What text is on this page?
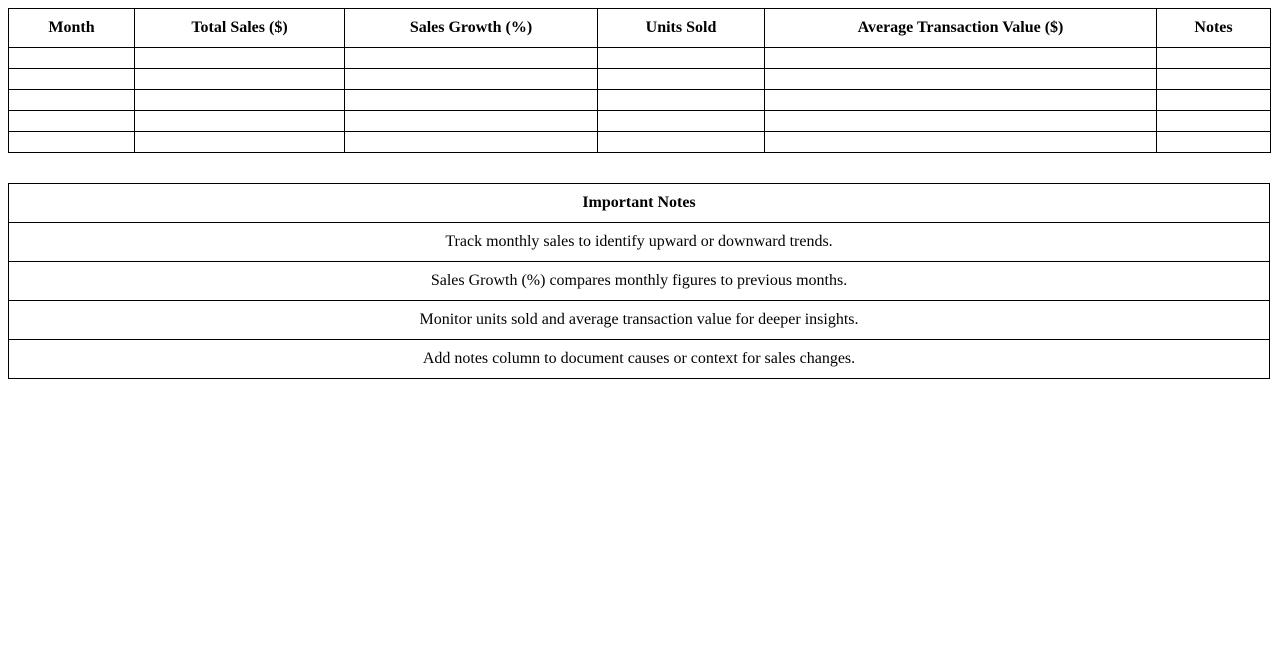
Month	Total Sales ($)	Sales Growth (%)	Units Sold	Average Transaction Value ($)	Notes

Important Notes
Track monthly sales to identify upward or downward trends.
Sales Growth (%) compares monthly figures to previous months.
Monitor units sold and average transaction value for deeper insights.
Add notes column to document causes or context for sales changes.
